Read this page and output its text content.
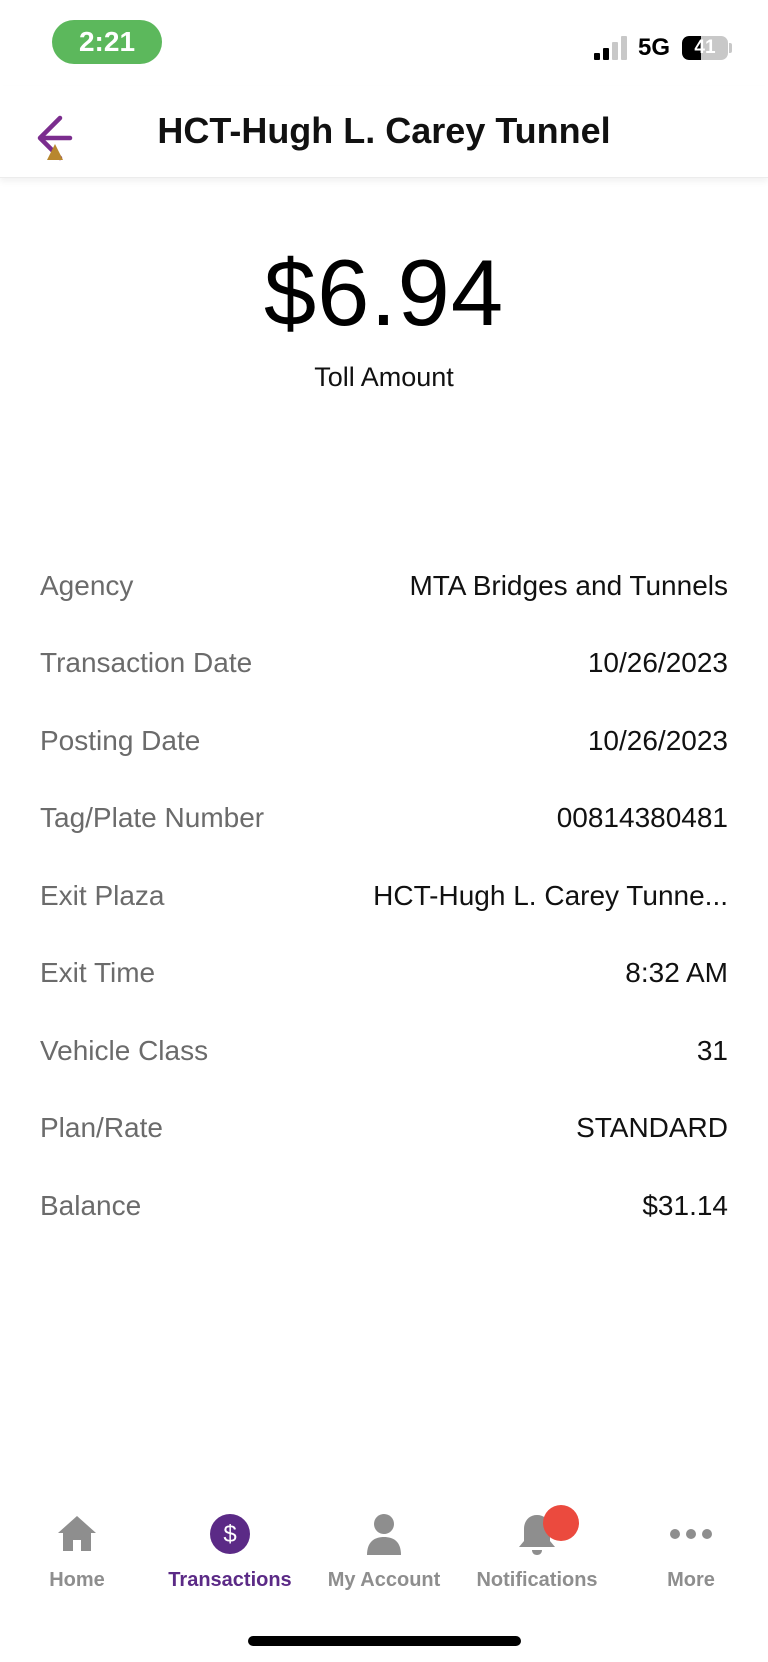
2:21	5G	41
HCT-Hugh L. Carey Tunnel
$6.94
Toll Amount
Agency	MTA Bridges and Tunnels
Transaction Date	10/26/2023
Posting Date	10/26/2023
Tag/Plate Number	00814380481
Exit Plaza	HCT-Hugh L. Carey Tunne...
Exit Time	8:32 AM
Vehicle Class	31
Plan/Rate	STANDARD
Balance	$31.14
Home
$
Transactions My Account Notifications	More
